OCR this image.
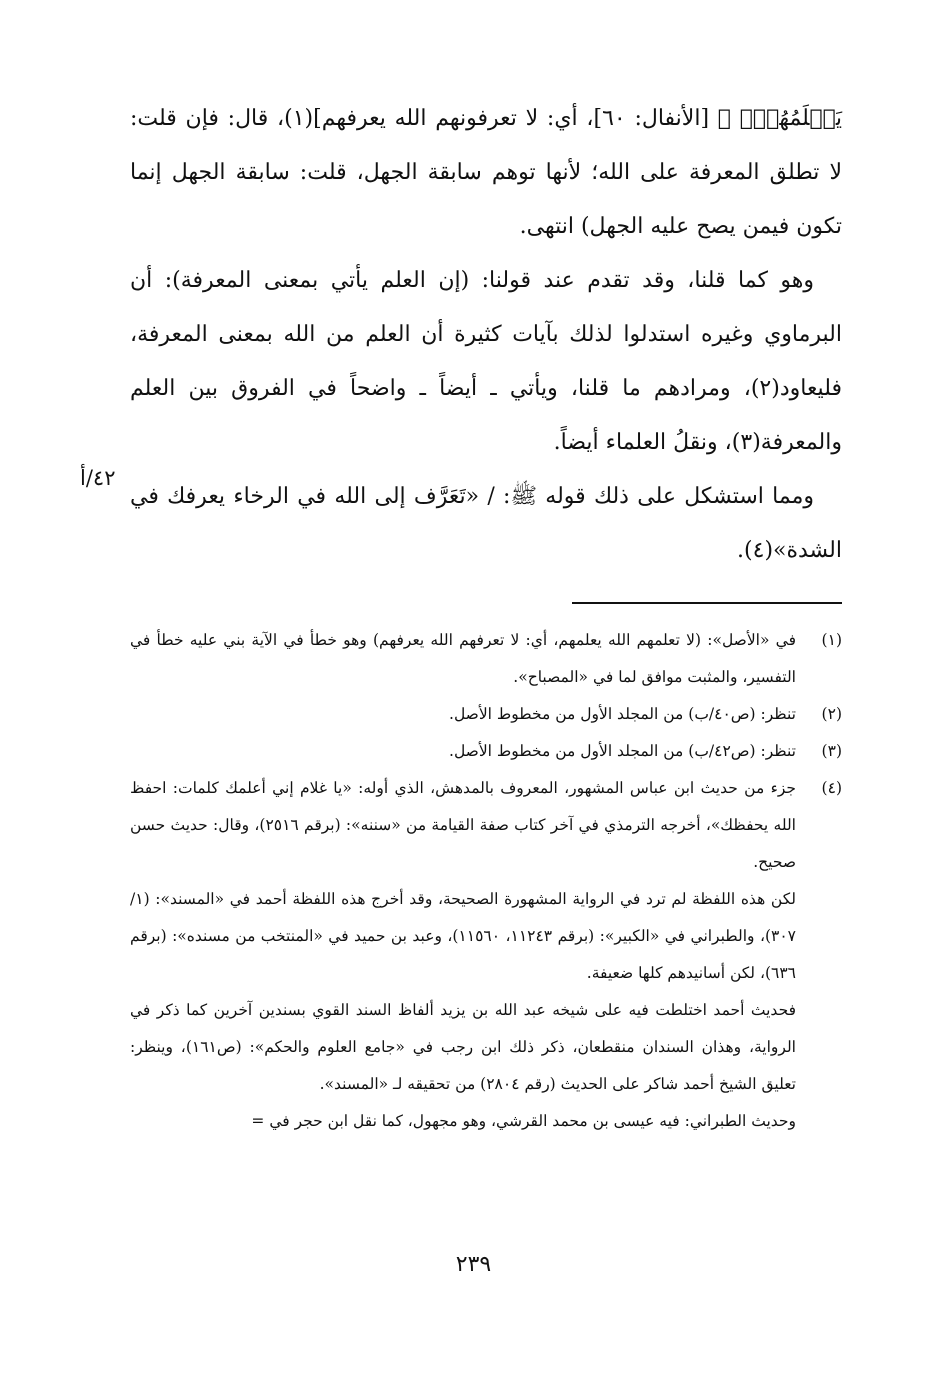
يَعۡلَمُهُمۡۚ ﴾ [الأنفال: ٦٠]، أي: لا تعرفونهم الله يعرفهم](١)، قال: فإن قلت: لا تطلق المعرفة على الله؛ لأنها توهم سابقة الجهل، قلت: سابقة الجهل إنما تكون فيمن يصح عليه الجهل) انتهى.

وهو كما قلنا، وقد تقدم عند قولنا: (إن العلم يأتي بمعنى المعرفة): أن البرماوي وغيره استدلوا لذلك بآيات كثيرة أن العلم من الله بمعنى المعرفة، فليعاود(٢)، ومرادهم ما قلنا، ويأتي ـ أيضاً ـ واضحاً في الفروق بين العلم والمعرفة(٣)، ونقلُ العلماء أيضاً.

ومما استشكل على ذلك قوله ﷺ: / «تَعَرَّف إلى الله في الرخاء يعرفك في الشدة»(٤).

٤٢/أ
(١)

في «الأصل»: (لا تعلمهم الله يعلمهم، أي: لا تعرفهم الله يعرفهم) وهو خطأ في الآية بني عليه خطأ في التفسير، والمثبت موافق لما في «المصباح».

(٢)

تنظر: (ص٤٠/ب) من المجلد الأول من مخطوط الأصل.

(٣)

تنظر: (ص٤٢/ب) من المجلد الأول من مخطوط الأصل.

(٤)

جزء من حديث ابن عباس المشهور، المعروف بالمدهش، الذي أوله: «يا غلام إني أعلمك كلمات: احفظ الله يحفظك»، أخرجه الترمذي في آخر كتاب صفة القيامة من «سننه»: (برقم ٢٥١٦)، وقال: حديث حسن صحيح.

لكن هذه اللفظة لم ترد في الرواية المشهورة الصحيحة، وقد أخرج هذه اللفظة أحمد في «المسند»: (١/ ٣٠٧)، والطبراني في «الكبير»: (برقم ١١٢٤٣، ١١٥٦٠)، وعبد بن حميد في «المنتخب من مسنده»: (برقم ٦٣٦)، لكن أسانيدهم كلها ضعيفة.

فحديث أحمد اختلطت فيه على شيخه عبد الله بن يزيد ألفاظ السند القوي بسندين آخرين كما ذكر في الرواية، وهذان السندان منقطعان، ذكر ذلك ابن رجب في «جامع العلوم والحكم»: (ص١٦١)، وينظر: تعليق الشيخ أحمد شاكر على الحديث (رقم ٢٨٠٤) من تحقيقه لـ «المسند».

وحديث الطبراني: فيه عيسى بن محمد القرشي، وهو مجهول، كما نقل ابن حجر في =

٢٣٩
